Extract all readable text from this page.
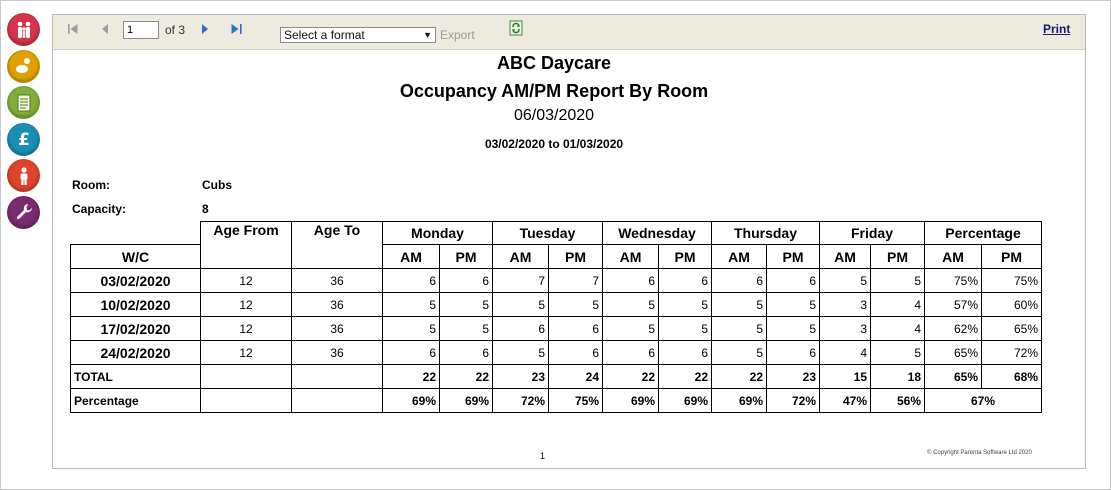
£
1	of 3	Select a format	▼ Export	Print
ABC Daycare
Occupancy AM/PM Report By Room
06/03/2020
03/02/2020 to 01/03/2020
Room:	Cubs
Capacity:	8
	Age From	Age To	Monday		Tuesday		Wednesday		Thursday		Friday		Percentage	
W/C			AM	PM	AM	PM	AM	PM	AM	PM	AM	PM	AM	PM
03/02/2020	12	36	6	6	7	7	6	6	6	6	5	5	75%	75%
10/02/2020	12	36	5	5	5	5	5	5	5	5	3	4	57%	60%
17/02/2020	12	36	5	5	6	6	5	5	5	5	3	4	62%	65%
24/02/2020	12	36	6	6	5	6	6	6	5	6	4	5	65%	72%
TOTAL			22	22	23	24	22	22	22	23	15	18	65%	68%
Percentage			69%	69%	72%	75%	69%	69%	69%	72%	47%	56%	67%	
1	© Copyright Parenta Software Ltd 2020
